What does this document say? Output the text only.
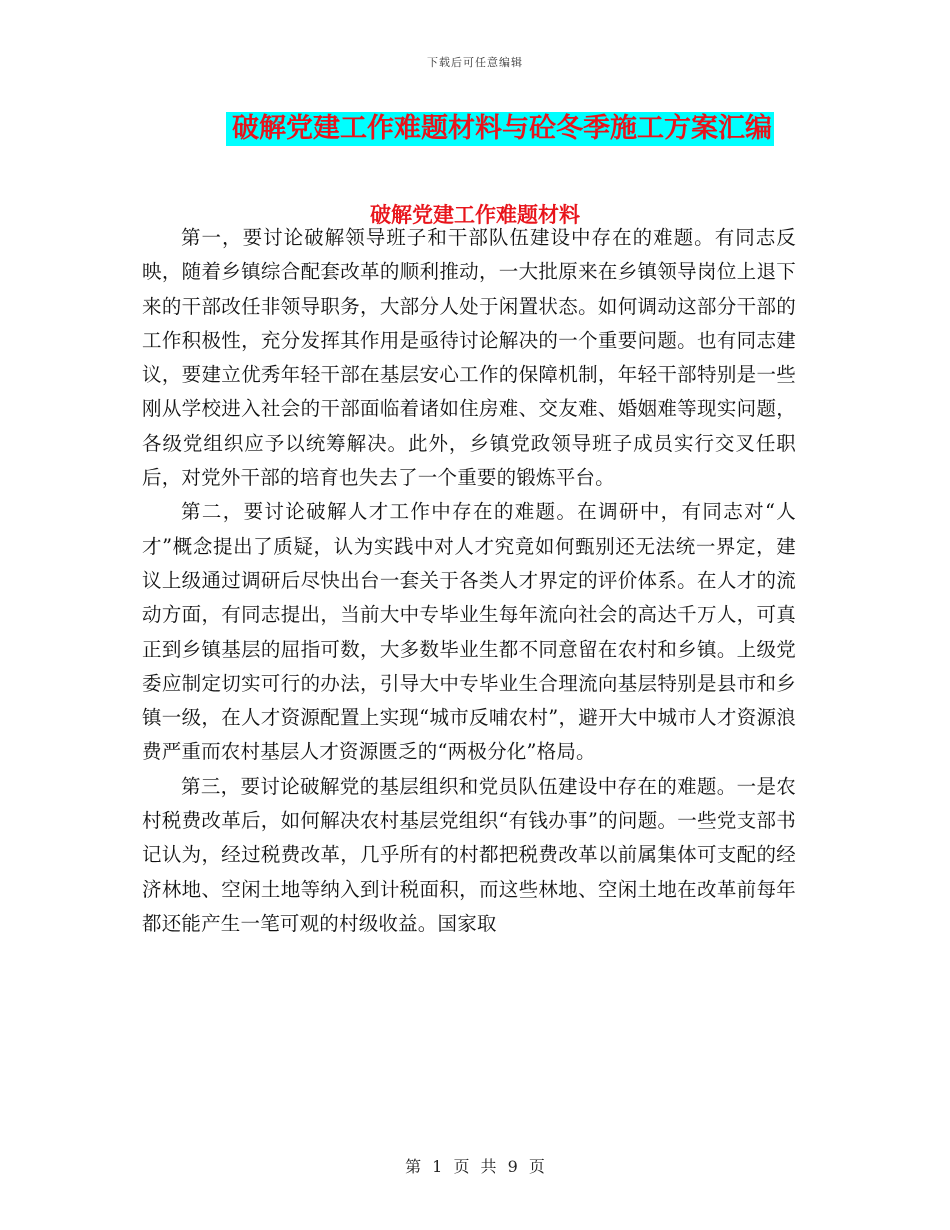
下载后可任意编辑
破解党建工作难题材料与砼冬季施工方案汇编
破解党建工作难题材料

第一，要讨论破解领导班子和干部队伍建设中存在的难题。有同志反映，随着乡镇综合配套改革的顺利推动，一大批原来在乡镇领导岗位上退下来的干部改任非领导职务，大部分人处于闲置状态。如何调动这部分干部的工作积极性，充分发挥其作用是亟待讨论解决的一个重要问题。也有同志建议，要建立优秀年轻干部在基层安心工作的保障机制，年轻干部特别是一些刚从学校进入社会的干部面临着诸如住房难、交友难、婚姻难等现实问题，各级党组织应予以统筹解决。此外，乡镇党政领导班子成员实行交叉任职后，对党外干部的培育也失去了一个重要的锻炼平台。

第二，要讨论破解人才工作中存在的难题。在调研中，有同志对“人才”概念提出了质疑，认为实践中对人才究竟如何甄别还无法统一界定，建议上级通过调研后尽快出台一套关于各类人才界定的评价体系。在人才的流动方面，有同志提出，当前大中专毕业生每年流向社会的高达千万人，可真正到乡镇基层的屈指可数，大多数毕业生都不同意留在农村和乡镇。上级党委应制定切实可行的办法，引导大中专毕业生合理流向基层特别是县市和乡镇一级，在人才资源配置上实现“城市反哺农村”，避开大中城市人才资源浪费严重而农村基层人才资源匮乏的“两极分化”格局。

第三，要讨论破解党的基层组织和党员队伍建设中存在的难题。一是农村税费改革后，如何解决农村基层党组织“有钱办事”的问题。一些党支部书记认为，经过税费改革，几乎所有的村都把税费改革以前属集体可支配的经济林地、空闲土地等纳入到计税面积，而这些林地、空闲土地在改革前每年都还能产生一笔可观的村级收益。国家取

第 1 页 共 9 页
